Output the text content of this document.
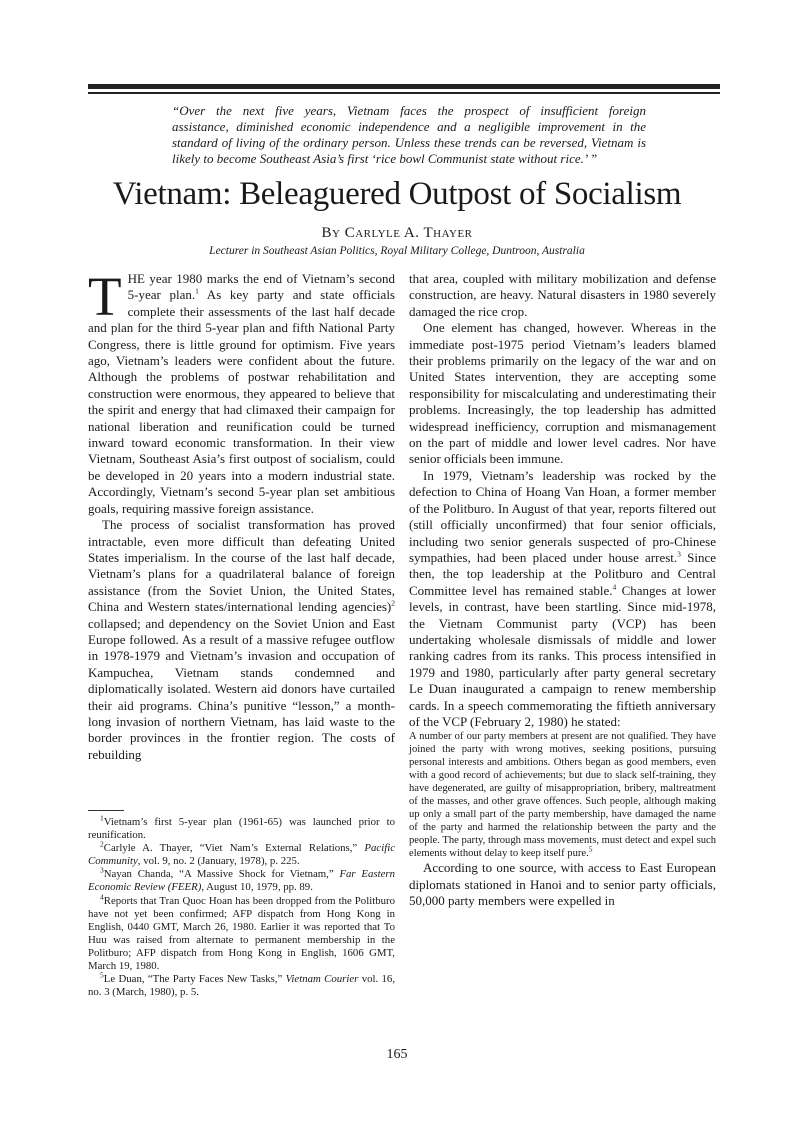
“Over the next five years, Vietnam faces the prospect of insufficient foreign
assistance, diminished economic independence and a negligible improvement in the
standard of living of the ordinary person. Unless these trends can be reversed, Vietnam is
likely to become Southeast Asia’s first ‘rice bowl Communist state without rice.’ ”
Vietnam: Beleaguered Outpost of Socialism
By Carlyle A. Thayer
Lecturer in Southeast Asian Politics, Royal Military College, Duntroon, Australia

THE year 1980 marks the end of Vietnam’s second 5-year plan.$^1$ As key party and state officials complete their assessments of the last half decade and plan for the third 5-year plan and fifth National Party Congress, there is little ground for optimism. Five years ago, Vietnam’s leaders were confident about the future. Although the problems of postwar rehabilitation and construction were enormous, they appeared to believe that the spirit and energy that had climaxed their campaign for national liberation and reunification could be turned inward toward economic transformation. In their view Vietnam, Southeast Asia’s first outpost of socialism, could be developed in 20 years into a modern industrial state. Accordingly, Vietnam’s second 5-year plan set ambitious goals, requiring massive foreign assistance.

The process of socialist transformation has proved intractable, even more difficult than defeating United States imperialism. In the course of the last half decade, Vietnam’s plans for a quadrilateral balance of foreign assistance (from the Soviet Union, the United States, China and Western states/international lending agencies)$^2$ collapsed; and dependency on the Soviet Union and East Europe followed. As a result of a massive refugee outflow in 1978-1979 and Vietnam’s invasion and occupation of Kampuchea, Vietnam stands condemned and diplomatically isolated. Western aid donors have curtailed their aid programs. China’s punitive “lesson,” a month-long invasion of northern Vietnam, has laid waste to the border provinces in the frontier region. The costs of rebuilding

that area, coupled with military mobilization and defense construction, are heavy. Natural disasters in 1980 severely damaged the rice crop.

One element has changed, however. Whereas in the immediate post-1975 period Vietnam’s leaders blamed their problems primarily on the legacy of the war and on United States intervention, they are accepting some responsibility for miscalculating and underestimating their problems. Increasingly, the top leadership has admitted widespread inefficiency, corruption and mismanagement on the part of middle and lower level cadres. Nor have senior officials been immune.

In 1979, Vietnam’s leadership was rocked by the defection to China of Hoang Van Hoan, a former member of the Politburo. In August of that year, reports filtered out (still officially unconfirmed) that four senior officials, including two senior generals suspected of pro-Chinese sympathies, had been placed under house arrest.$^3$ Since then, the top leadership at the Politburo and Central Committee level has remained stable.$^4$ Changes at lower levels, in contrast, have been startling. Since mid-1978, the Vietnam Communist party (VCP) has been undertaking wholesale dismissals of middle and lower ranking cadres from its ranks. This process intensified in 1979 and 1980, particularly after party general secretary Le Duan inaugurated a campaign to renew membership cards. In a speech commemorating the fiftieth anniversary of the VCP (February 2, 1980) he stated:

A number of our party members at present are not qualified. They have joined the party with wrong motives, seeking positions, pursuing personal interests and ambitions. Others began as good members, even with a good record of achievements; but due to slack self-training, they have degenerated, are guilty of misappropriation, bribery, maltreatment of the masses, and other grave offences. Such people, although making up only a small part of the party membership, have damaged the name of the party and harmed the relationship between the party and the people. The party, through mass movements, must detect and expel such elements without delay to keep itself pure.$^5$

According to one source, with access to East European diplomats stationed in Hanoi and to senior party officials, 50,000 party members were expelled in

$^1$Vietnam’s first 5-year plan (1961-65) was launched prior to reunification.

$^2$Carlyle A. Thayer, “Viet Nam’s External Relations,” Pacific Community, vol. 9, no. 2 (January, 1978), p. 225.

$^3$Nayan Chanda, “A Massive Shock for Vietnam,” Far Eastern Economic Review (FEER), August 10, 1979, pp. 89.

$^4$Reports that Tran Quoc Hoan has been dropped from the Politburo have not yet been confirmed; AFP dispatch from Hong Kong in English, 0440 GMT, March 26, 1980. Earlier it was reported that To Huu was raised from alternate to permanent membership in the Politburo; AFP dispatch from Hong Kong in English, 1606 GMT, March 19, 1980.

$^5$Le Duan, “The Party Faces New Tasks,” Vietnam Courier vol. 16, no. 3 (March, 1980), p. 5.

165
